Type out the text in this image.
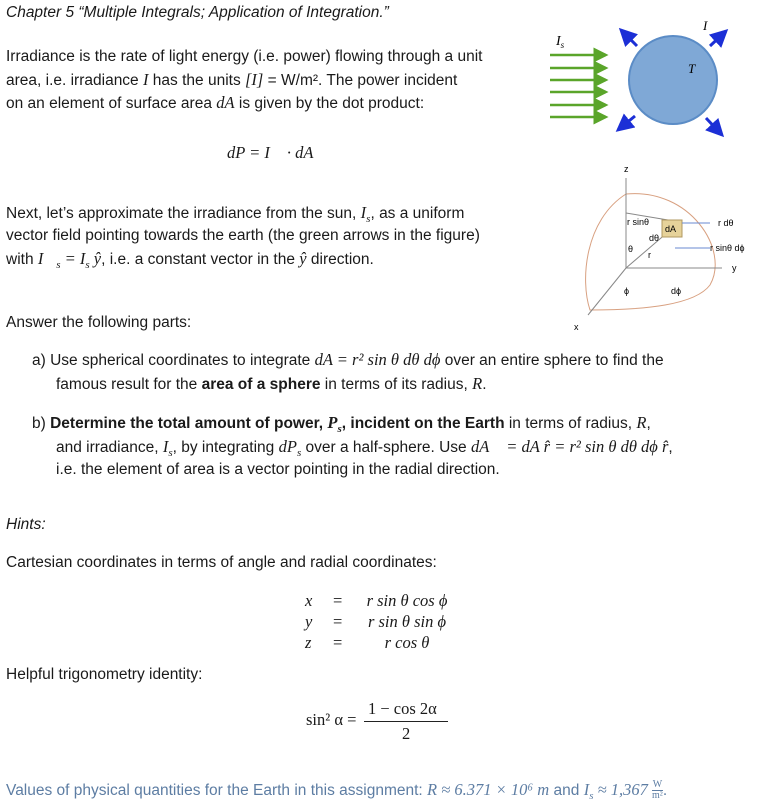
Chapter 5 “Multiple Integrals; Application of Integration.”
Irradiance is the rate of light energy (i.e. power) flowing through a unit
area, i.e. irradiance I has the units [I] = W/m². The power incident
on an element of surface area dA is given by the dot product:
dP = I⃗ · dA⃗
Next, let’s approximate the irradiance from the sun, $I_s$, as a uniform
vector field pointing towards the earth (the green arrows in the figure)
with $I⃗_s = I_s$ ŷ, i.e. a constant vector in the ŷ direction.
Answer the following parts:
a) Use spherical coordinates to integrate dA = r² sin θ dθ dϕ over an entire sphere to find the
famous result for the area of a sphere in terms of its radius, R.
b) Determine the total amount of power, $P_s$, incident on the Earth in terms of radius, R,
and irradiance, $I_s$, by integrating $dP_s$ over a half-sphere. Use dA⃗ = dA r̂ = r² sin θ dθ dϕ r̂,
i.e. the element of area is a vector pointing in the radial direction.
Hints:
Cartesian coordinates in terms of angle and radial coordinates:
Helpful trigonometry identity:
x =	r sin θ cos ϕ
y =	r sin θ sin ϕ
z =	r cos θ
sin² α =
1 − cos 2α
2
Values of physical quantities for the Earth in this assignment: R ≈ 6.371 × 10⁶ m and $I_s \approx 1,367 \frac{W}{\text{m²}}$ .
$I_s$
I
T
z
y
x
r sinθ
dA
dθ
θ
r
ϕ	dϕ
r dθ
r sinθ dϕ
